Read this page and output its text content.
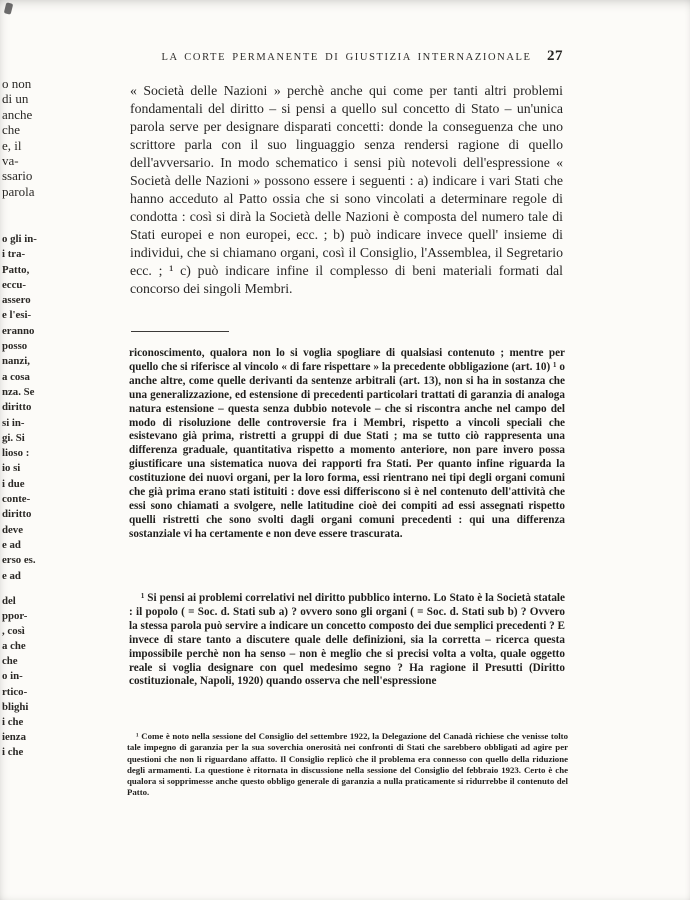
o non
di un
anche
che
e, il
va-
ssario
parola
o gli in-
i tra-
Patto,
eccu-
assero
e l'esi-
eranno
posso
nanzi,
a cosa
nza. Se
diritto
si in-
gi. Si
lioso :
io si
i due
conte-
diritto
deve
e ad
erso es.
e ad
del
ppor-
, così
a che
che
o in-
rtico-
blighi
i che
ienza
i che
LA CORTE PERMANENTE DI GIUSTIZIA INTERNAZIONALE	27
« Società delle Nazioni » perchè anche qui come per tanti altri problemi fondamentali del diritto – si pensi a quello sul concetto di Stato – un'unica parola serve per designare disparati concetti: donde la conseguenza che uno scrittore parla con il suo linguaggio senza rendersi ragione di quello dell'avversario. In modo schematico i sensi più notevoli dell'espressione « Società delle Nazioni » possono essere i seguenti : a) indicare i vari Stati che hanno acceduto al Patto ossia che si sono vincolati a determinare regole di condotta : così si dirà la Società delle Nazioni è composta del numero tale di Stati europei e non europei, ecc. ; b) può indicare invece quell' insieme di individui, che si chiamano organi, così il Consiglio, l'Assemblea, il Segretario ecc. ; ¹ c) può indicare infine il complesso di beni materiali formati dal concorso dei singoli Membri.
riconoscimento, qualora non lo si voglia spogliare di qualsiasi contenuto ; mentre per quello che si riferisce al vincolo « di fare rispettare » la precedente obbligazione (art. 10) ¹ o anche altre, come quelle derivanti da sentenze arbitrali (art. 13), non si ha in sostanza che una generalizzazione, ed estensione di precedenti particolari trattati di garanzia di analoga natura estensione – questa senza dubbio notevole – che si riscontra anche nel campo del modo di risoluzione delle controversie fra i Membri, rispetto a vincoli speciali che esistevano già prima, ristretti a gruppi di due Stati ; ma se tutto ciò rappresenta una differenza graduale, quantitativa rispetto a momento anteriore, non pare invero possa giustificare una sistematica nuova dei rapporti fra Stati. Per quanto infine riguarda la costituzione dei nuovi organi, per la loro forma, essi rientrano nei tipi degli organi comuni che già prima erano stati istituiti : dove essi differiscono si è nel contenuto dell'attività che essi sono chiamati a svolgere, nelle latitudine cioè dei compiti ad essi assegnati rispetto quelli ristretti che sono svolti dagli organi comuni precedenti : qui una differenza sostanziale vi ha certamente e non deve essere trascurata.
¹ Si pensi ai problemi correlativi nel diritto pubblico interno. Lo Stato è la Società statale : il popolo ( = Soc. d. Stati sub a) ? ovvero sono gli organi ( = Soc. d. Stati sub b) ? Ovvero la stessa parola può servire a indicare un concetto composto dei due semplici precedenti ? E invece di stare tanto a discutere quale delle definizioni, sia la corretta – ricerca questa impossibile perchè non ha senso – non è meglio che si precisi volta a volta, quale oggetto reale si voglia designare con quel medesimo segno ? Ha ragione il Presutti (Diritto costituzionale, Napoli, 1920) quando osserva che nell'espressione
¹ Come è noto nella sessione del Consiglio del settembre 1922, la Delegazione del Canadà richiese che venisse tolto tale impegno di garanzia per la sua soverchia onerosità nei confronti di Stati che sarebbero obbligati ad agire per questioni che non li riguardano affatto. Il Consiglio replicò che il problema era connesso con quello della riduzione degli armamenti. La questione è ritornata in discussione nella sessione del Consiglio del febbraio 1923. Certo è che qualora si sopprimesse anche questo obbligo generale di garanzia a nulla praticamente si ridurrebbe il contenuto del Patto.
